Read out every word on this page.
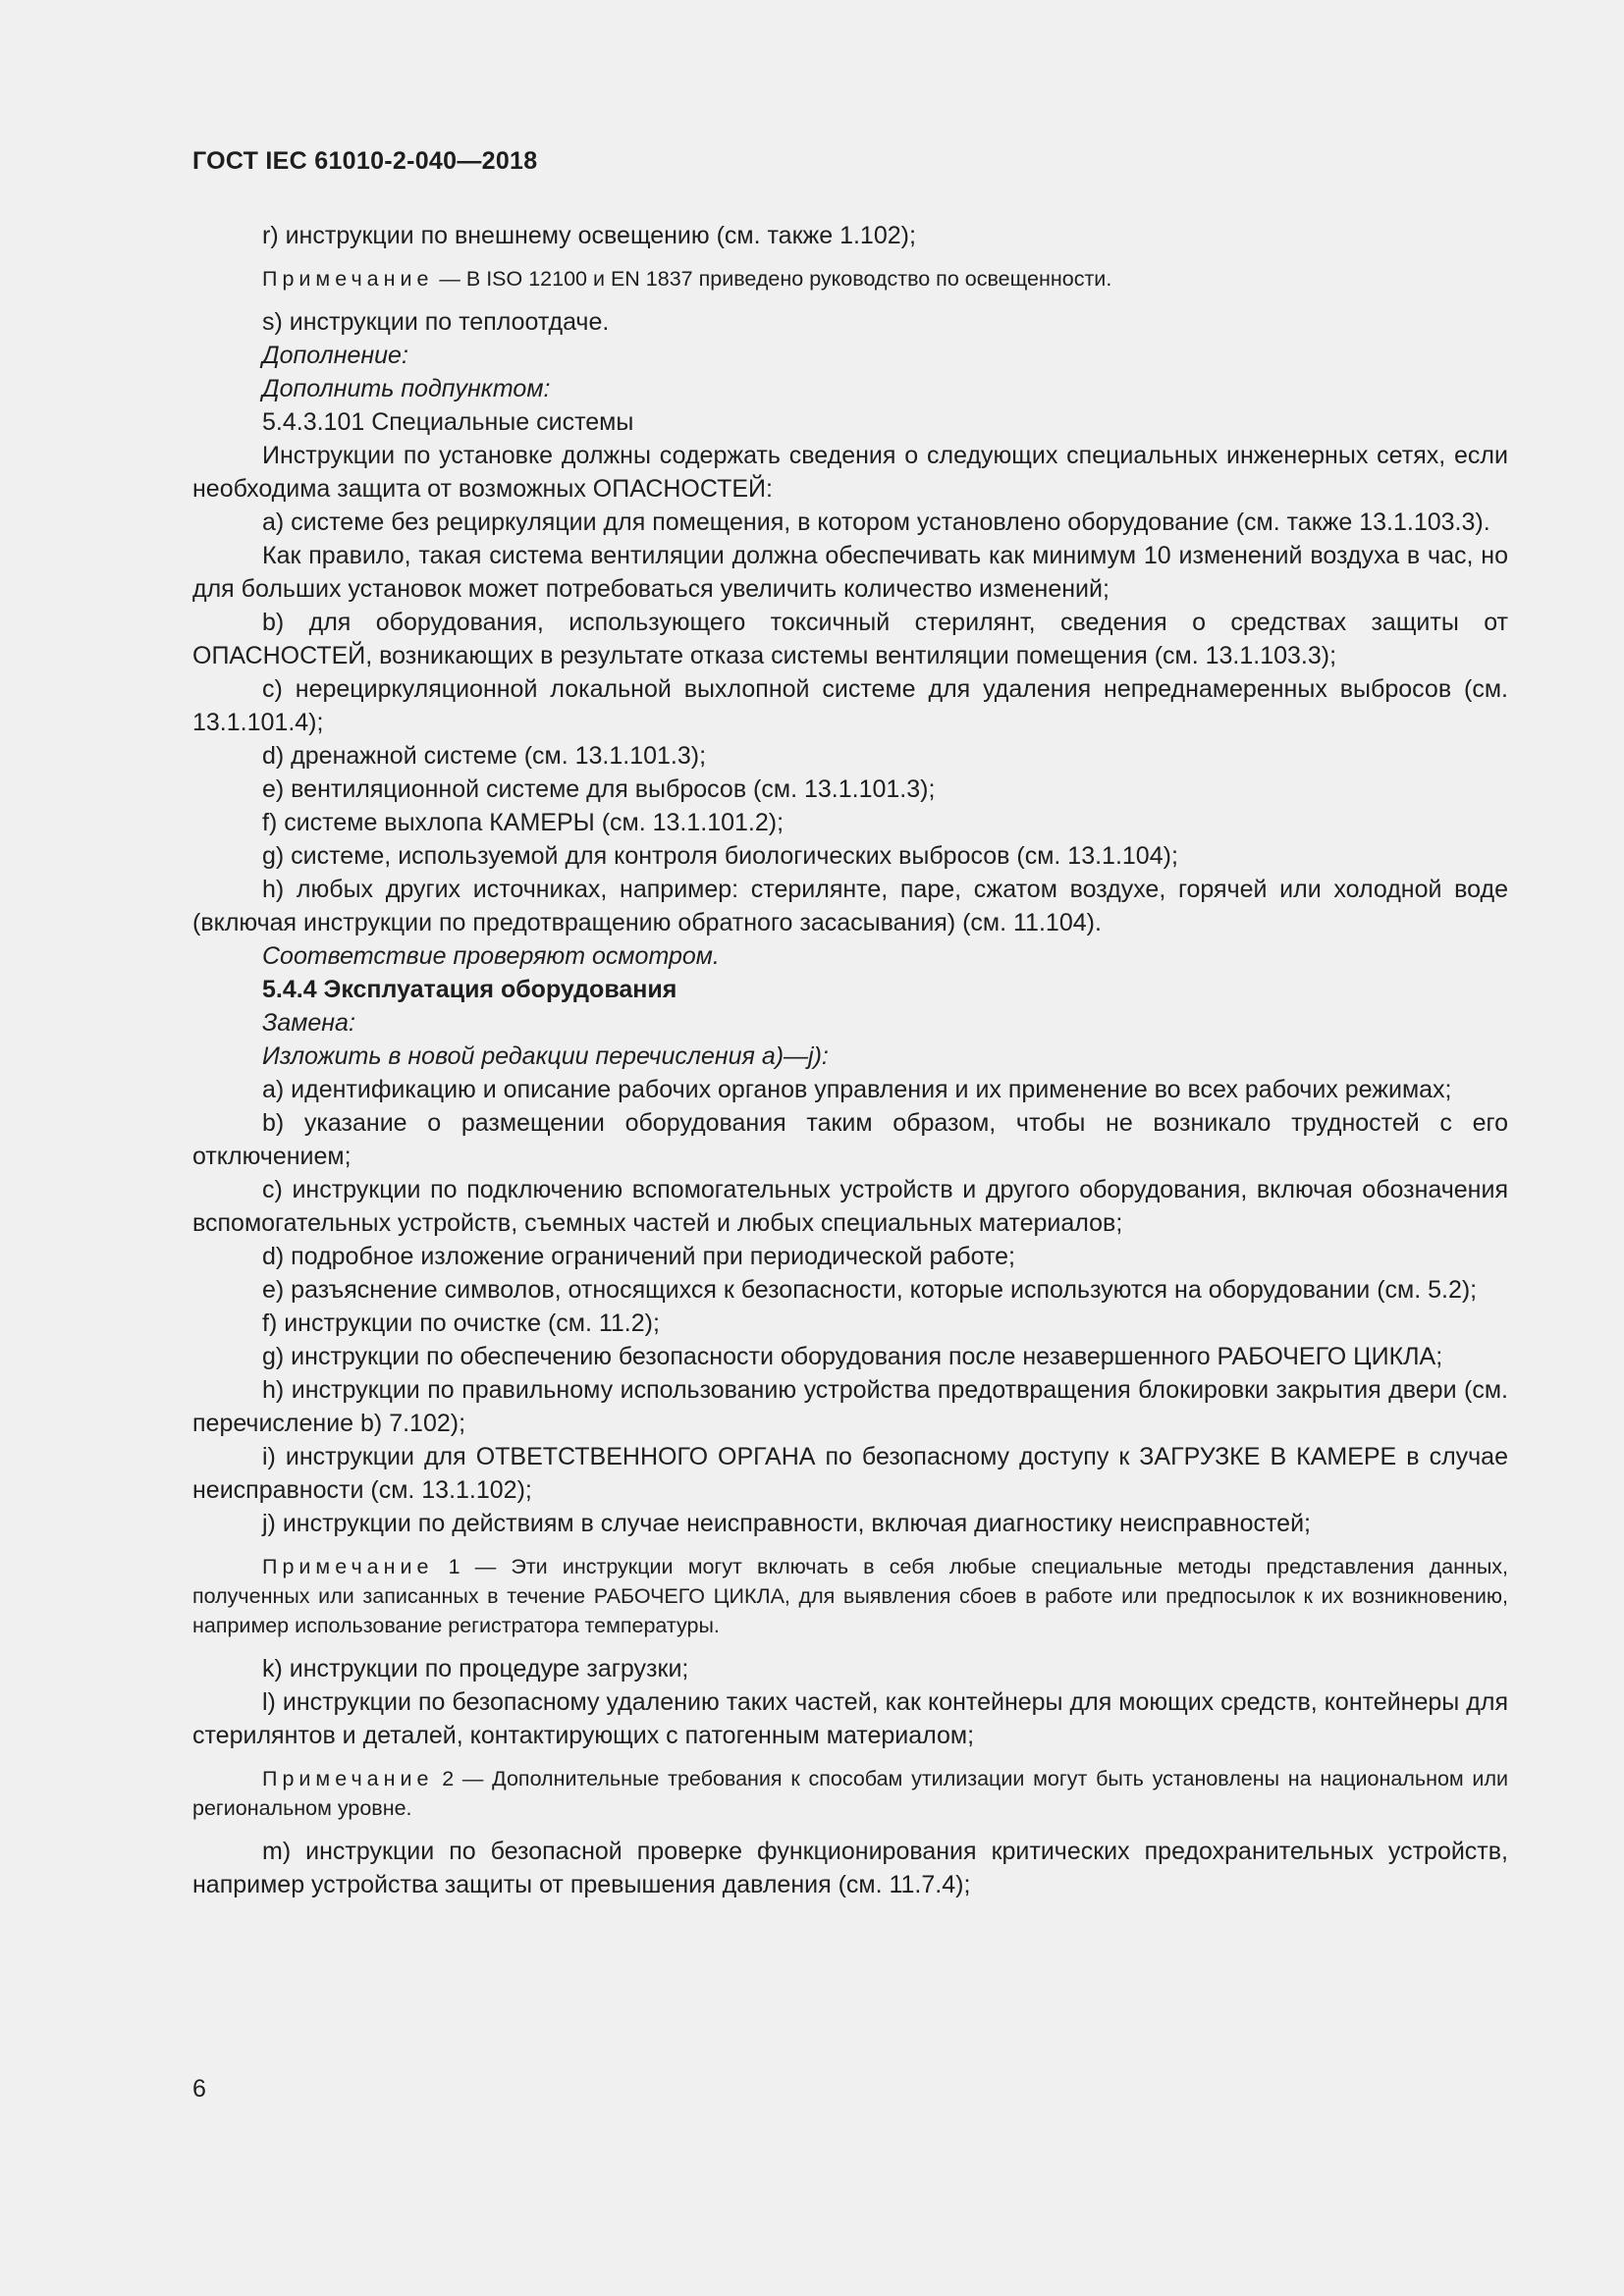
ГОСТ IEC 61010-2-040—2018

r) инструкции по внешнему освещению (см. также 1.102);

Примечание — В ISO 12100 и EN 1837 приведено руководство по освещенности.

s) инструкции по теплоотдаче.

Дополнение:

Дополнить подпунктом:

5.4.3.101 Специальные системы

Инструкции по установке должны содержать сведения о следующих специальных инженерных сетях, если необходима защита от возможных ОПАСНОСТЕЙ:

a) системе без рециркуляции для помещения, в котором установлено оборудование (см. также 13.1.103.3).

Как правило, такая система вентиляции должна обеспечивать как минимум 10 изменений воздуха в час, но для больших установок может потребоваться увеличить количество изменений;

b) для оборудования, использующего токсичный стерилянт, сведения о средствах защиты от ОПАСНОСТЕЙ, возникающих в результате отказа системы вентиляции помещения (см. 13.1.103.3);

c) нерециркуляционной локальной выхлопной системе для удаления непреднамеренных выбросов (см. 13.1.101.4);

d) дренажной системе (см. 13.1.101.3);

e) вентиляционной системе для выбросов (см. 13.1.101.3);

f) системе выхлопа КАМЕРЫ (см. 13.1.101.2);

g) системе, используемой для контроля биологических выбросов (см. 13.1.104);

h) любых других источниках, например: стерилянте, паре, сжатом воздухе, горячей или холодной воде (включая инструкции по предотвращению обратного засасывания) (см. 11.104).

Соответствие проверяют осмотром.

5.4.4 Эксплуатация оборудования

Замена:

Изложить в новой редакции перечисления a)—j):

a) идентификацию и описание рабочих органов управления и их применение во всех рабочих режимах;

b) указание о размещении оборудования таким образом, чтобы не возникало трудностей с его отключением;

c) инструкции по подключению вспомогательных устройств и другого оборудования, включая обозначения вспомогательных устройств, съемных частей и любых специальных материалов;

d) подробное изложение ограничений при периодической работе;

e) разъяснение символов, относящихся к безопасности, которые используются на оборудовании (см. 5.2);

f) инструкции по очистке (см. 11.2);

g) инструкции по обеспечению безопасности оборудования после незавершенного РАБОЧЕГО ЦИКЛА;

h) инструкции по правильному использованию устройства предотвращения блокировки закрытия двери (см. перечисление b) 7.102);

i) инструкции для ОТВЕТСТВЕННОГО ОРГАНА по безопасному доступу к ЗАГРУЗКЕ В КАМЕРЕ в случае неисправности (см. 13.1.102);

j) инструкции по действиям в случае неисправности, включая диагностику неисправностей;

Примечание 1 — Эти инструкции могут включать в себя любые специальные методы представления данных, полученных или записанных в течение РАБОЧЕГО ЦИКЛА, для выявления сбоев в работе или предпосылок к их возникновению, например использование регистратора температуры.

k) инструкции по процедуре загрузки;

l) инструкции по безопасному удалению таких частей, как контейнеры для моющих средств, контейнеры для стерилянтов и деталей, контактирующих с патогенным материалом;

Примечание 2 — Дополнительные требования к способам утилизации могут быть установлены на национальном или региональном уровне.

m) инструкции по безопасной проверке функционирования критических предохранительных устройств, например устройства защиты от превышения давления (см. 11.7.4);

6
